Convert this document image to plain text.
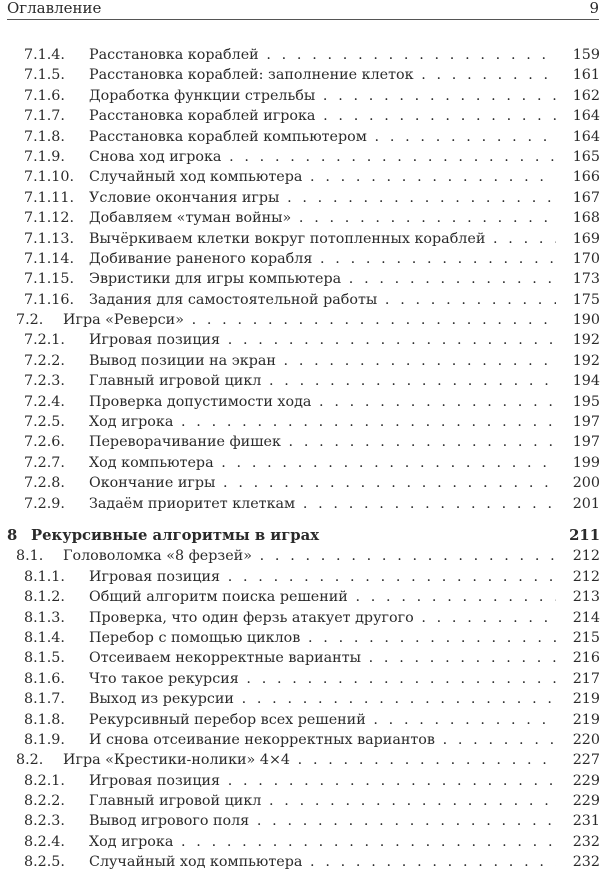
Оглавление	9
7.1.4. Расстановка кораблей . . .	159
7.1.5. Расстановка кораблей: заполнение клеток . . .	161
7.1.6. Доработка функции стрельбы . . .	162
7.1.7. Расстановка кораблей игрока . . .	164
7.1.8. Расстановка кораблей компьютером . . .	164
7.1.9. Снова ход игрока . . .	165
7.1.10. Случайный ход компьютера . . .	166
7.1.11. Условие окончания игры . . .	167
7.1.12. Добавляем «туман войны» . . .	168
7.1.13. Вычёркиваем клетки вокруг потопленных кораблей . . .	169
7.1.14. Добивание раненого корабля . . .	170
7.1.15. Эвристики для игры компьютера . . .	173
7.1.16. Задания для самостоятельной работы . . .	175
7.2. Игра «Реверси» . . .	190
7.2.1. Игровая позиция . . .	192
7.2.2. Вывод позиции на экран . . .	192
7.2.3. Главный игровой цикл . . .	194
7.2.4. Проверка допустимости хода . . .	195
7.2.5. Ход игрока . . .	197
7.2.6. Переворачивание фишек . . .	197
7.2.7. Ход компьютера . . .	199
7.2.8. Окончание игры . . .	200
7.2.9. Задаём приоритет клеткам . . .	201
8 Рекурсивные алгоритмы в играх	211
8.1. Головоломка «8 ферзей» . . .	212
8.1.1. Игровая позиция . . .	212
8.1.2. Общий алгоритм поиска решений . . .	213
8.1.3. Проверка, что один ферзь атакует другого . . .	214
8.1.4. Перебор с помощью циклов . . .	215
8.1.5. Отсеиваем некорректные варианты . . .	216
8.1.6. Что такое рекурсия . . .	217
8.1.7. Выход из рекурсии . . .	219
8.1.8. Рекурсивный перебор всех решений . . .	219
8.1.9. И снова отсеивание некорректных вариантов . . .	220
8.2. Игра «Крестики-нолики» 4×4 . . .	227
8.2.1. Игровая позиция . . .	229
8.2.2. Главный игровой цикл . . .	229
8.2.3. Вывод игрового поля . . .	231
8.2.4. Ход игрока . . .	232
8.2.5. Случайный ход компьютера . . .	232
